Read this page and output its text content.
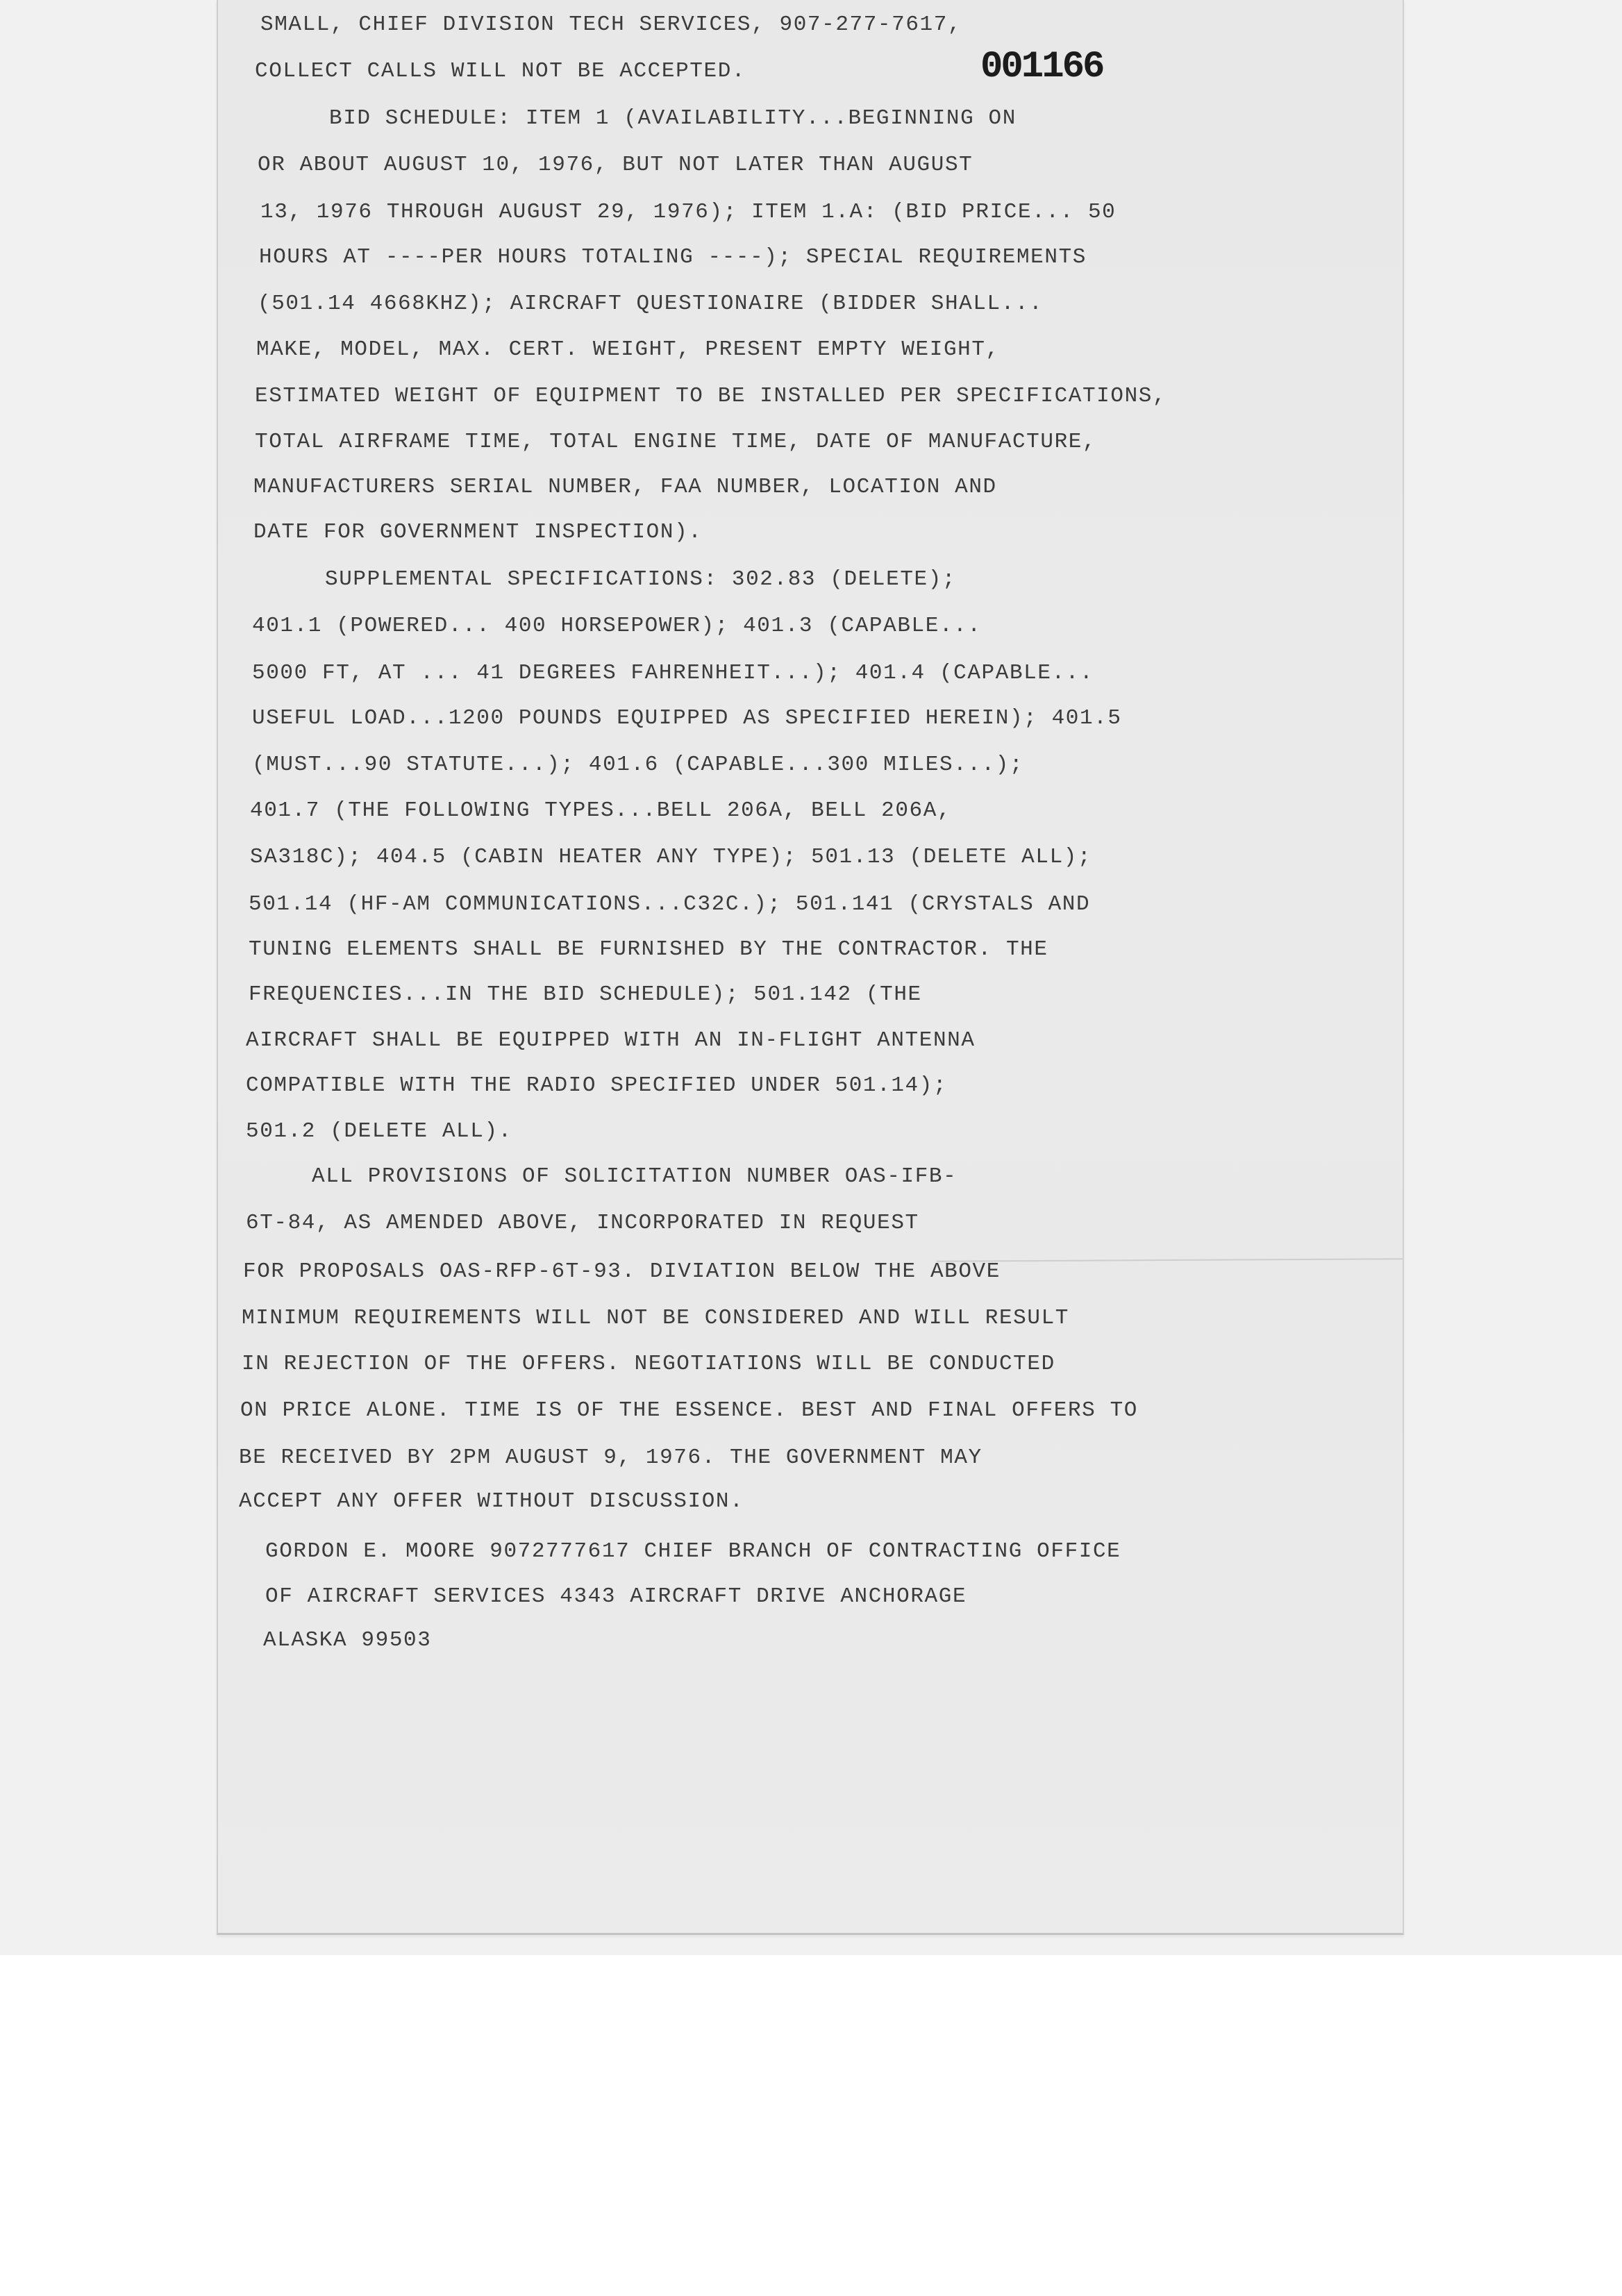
SMALL, CHIEF DIVISION TECH SERVICES, 907-277-7617,
COLLECT CALLS WILL NOT BE ACCEPTED.	001166
BID SCHEDULE: ITEM 1 (AVAILABILITY...BEGINNING ON
OR ABOUT AUGUST 10, 1976, BUT NOT LATER THAN AUGUST
13, 1976 THROUGH AUGUST 29, 1976); ITEM 1.A: (BID PRICE... 50
HOURS AT ----PER HOURS TOTALING ----); SPECIAL REQUIREMENTS
(501.14 4668KHZ); AIRCRAFT QUESTIONAIRE (BIDDER SHALL...
MAKE, MODEL, MAX. CERT. WEIGHT, PRESENT EMPTY WEIGHT,
ESTIMATED WEIGHT OF EQUIPMENT TO BE INSTALLED PER SPECIFICATIONS,
TOTAL AIRFRAME TIME, TOTAL ENGINE TIME, DATE OF MANUFACTURE,
MANUFACTURERS SERIAL NUMBER, FAA NUMBER, LOCATION AND
DATE FOR GOVERNMENT INSPECTION).
SUPPLEMENTAL SPECIFICATIONS: 302.83 (DELETE);
401.1 (POWERED... 400 HORSEPOWER); 401.3 (CAPABLE...
5000 FT, AT ... 41 DEGREES FAHRENHEIT...); 401.4 (CAPABLE...
USEFUL LOAD...1200 POUNDS EQUIPPED AS SPECIFIED HEREIN); 401.5
(MUST...90 STATUTE...); 401.6 (CAPABLE...300 MILES...);
401.7 (THE FOLLOWING TYPES...BELL 206A, BELL 206A,
SA318C); 404.5 (CABIN HEATER ANY TYPE); 501.13 (DELETE ALL);
501.14 (HF-AM COMMUNICATIONS...C32C.); 501.141 (CRYSTALS AND
TUNING ELEMENTS SHALL BE FURNISHED BY THE CONTRACTOR. THE
FREQUENCIES...IN THE BID SCHEDULE); 501.142 (THE
AIRCRAFT SHALL BE EQUIPPED WITH AN IN-FLIGHT ANTENNA
COMPATIBLE WITH THE RADIO SPECIFIED UNDER 501.14);
501.2 (DELETE ALL).
ALL PROVISIONS OF SOLICITATION NUMBER OAS-IFB-
6T-84, AS AMENDED ABOVE, INCORPORATED IN REQUEST
FOR PROPOSALS OAS-RFP-6T-93. DIVIATION BELOW THE ABOVE
MINIMUM REQUIREMENTS WILL NOT BE CONSIDERED AND WILL RESULT
IN REJECTION OF THE OFFERS. NEGOTIATIONS WILL BE CONDUCTED
ON PRICE ALONE. TIME IS OF THE ESSENCE. BEST AND FINAL OFFERS TO
BE RECEIVED BY 2PM AUGUST 9, 1976. THE GOVERNMENT MAY
ACCEPT ANY OFFER WITHOUT DISCUSSION.
GORDON E. MOORE 9072777617 CHIEF BRANCH OF CONTRACTING OFFICE
OF AIRCRAFT SERVICES 4343 AIRCRAFT DRIVE ANCHORAGE
ALASKA 99503
